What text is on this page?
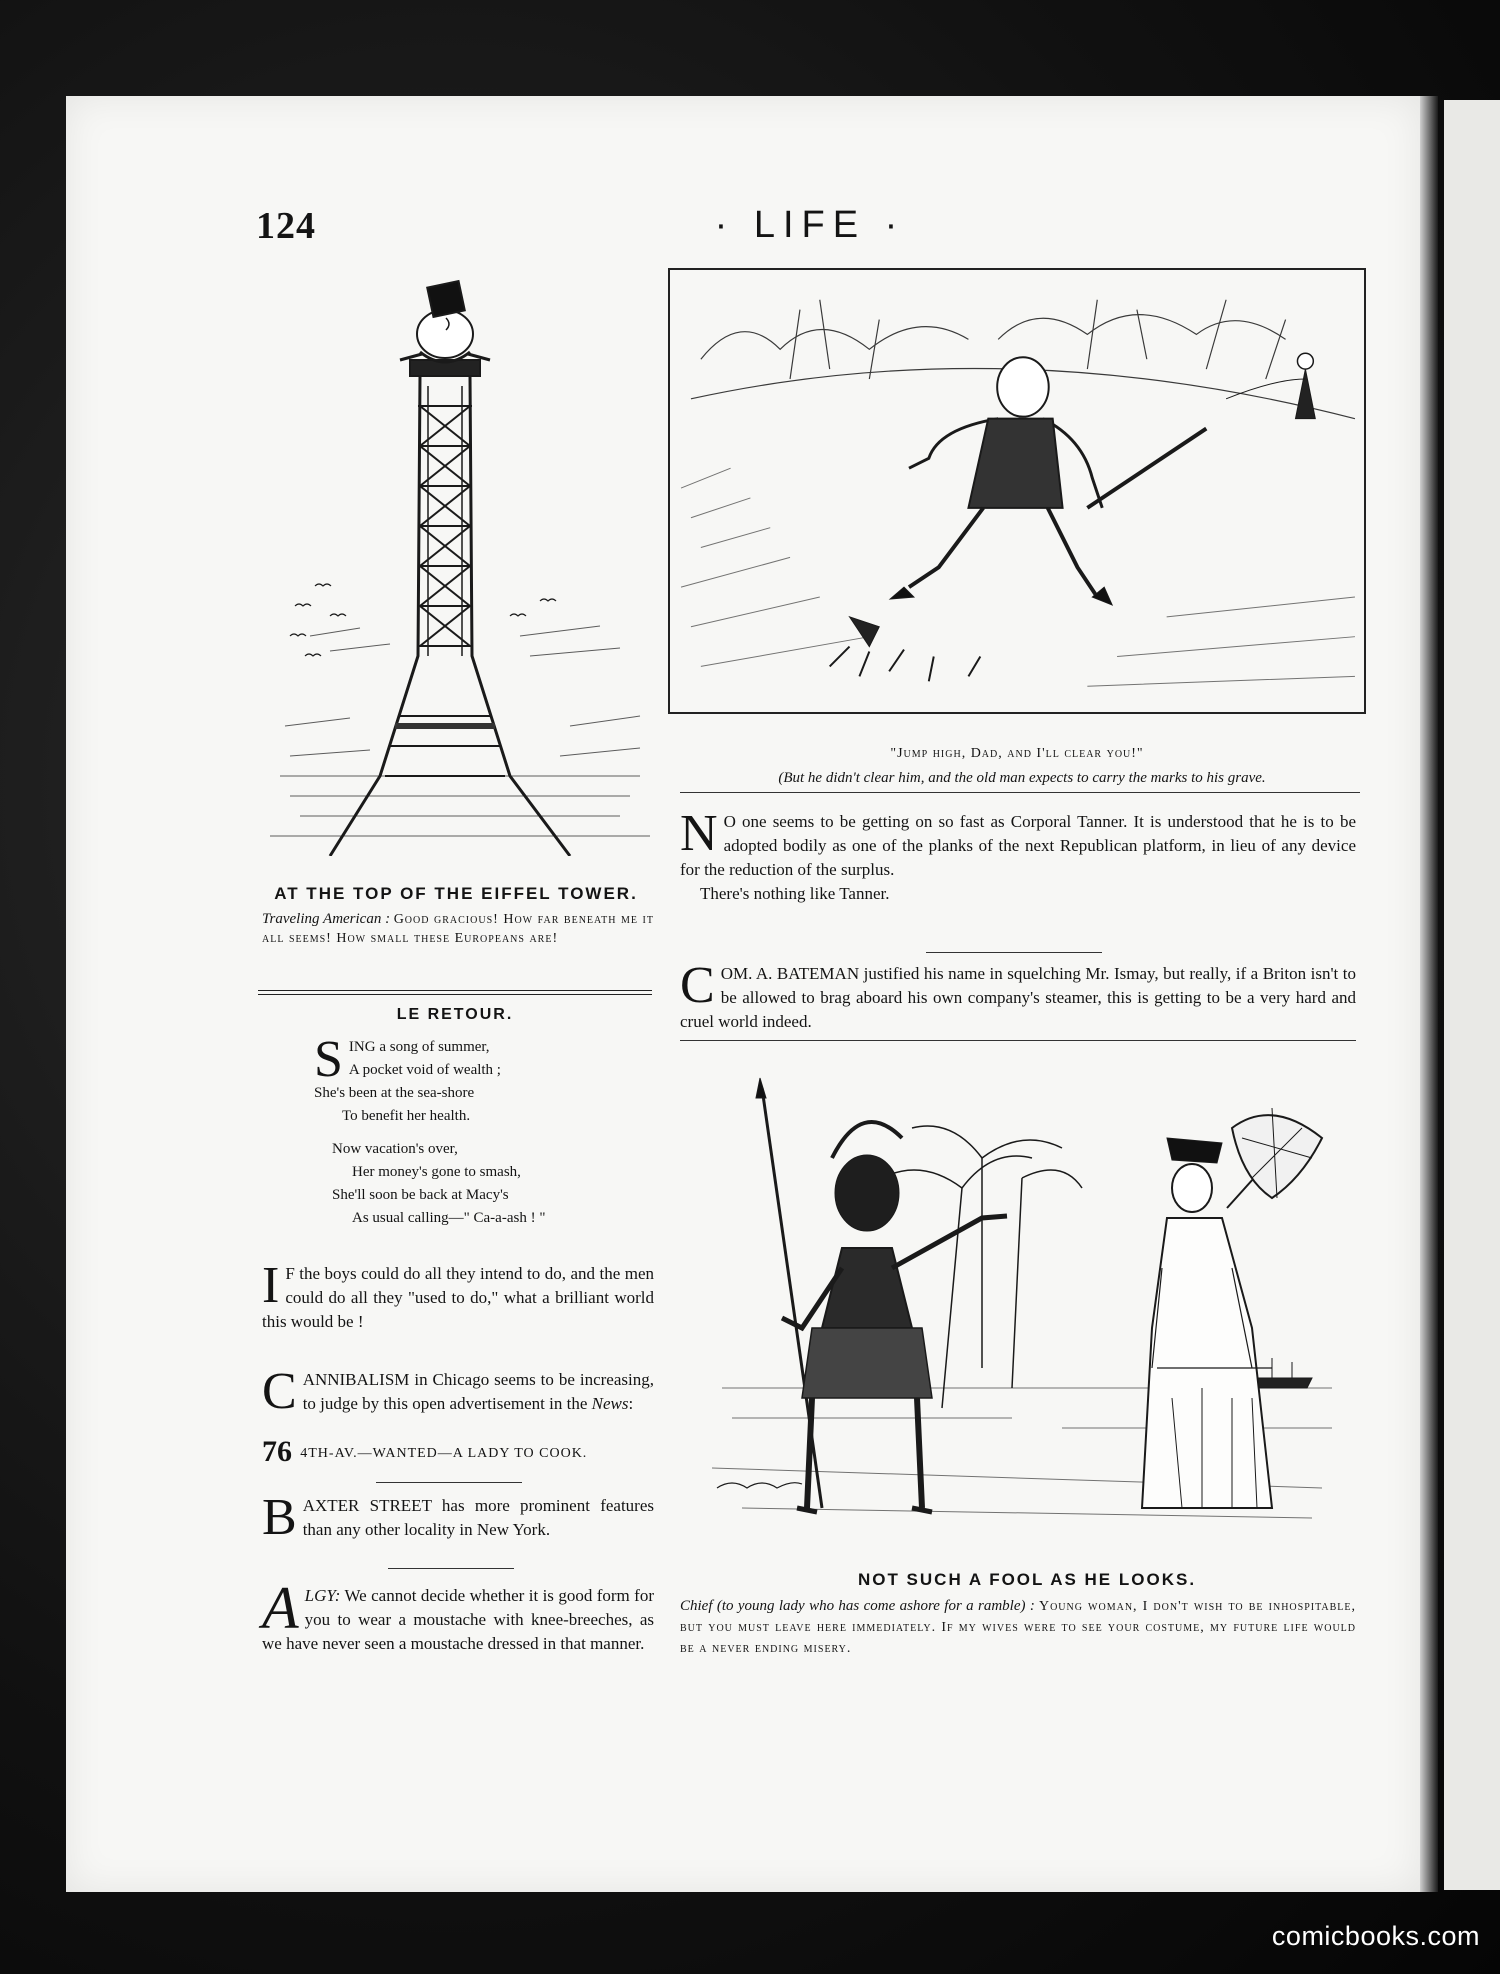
124	· LIFE ·
AT THE TOP OF THE EIFFEL TOWER.
Traveling American : Good gracious! How far beneath me it all seems! How small these Europeans are!
LE RETOUR.
S ING a song of summer,
A pocket void of wealth ;
She's been at the sea-shore
To benefit her health.
Now vacation's over,
Her money's gone to smash,
She'll soon be back at Macy's
As usual calling—" Ca-a-ash ! "
I F the boys could do all they intend to do, and the men could do all they "used to do," what a brilliant world this would be !
C ANNIBALISM in Chicago seems to be increasing, to judge by this open advertisement in the News:
76 4TH-AV.—WANTED—A LADY TO COOK.
B AXTER STREET has more prominent features than any other locality in New York.
A LGY: We cannot decide whether it is good form for you to wear a moustache with knee-breeches, as we have never seen a moustache dressed in that manner.
"Jump high, Dad, and I'll clear you!"
(But he didn't clear him, and the old man expects to carry the marks to his grave.
N O one seems to be getting on so fast as Corporal Tanner. It is understood that he is to be adopted bodily as one of the planks of the next Republican platform, in lieu of any device for the reduction of the surplus.
There's nothing like Tanner.
C OM. A. BATEMAN justified his name in squelching Mr. Ismay, but really, if a Briton isn't to be allowed to brag aboard his own company's steamer, this is getting to be a very hard and cruel world indeed.
NOT SUCH A FOOL AS HE LOOKS.
Chief (to young lady who has come ashore for a ramble) : Young woman, I don't wish to be inhospitable, but you must leave here immediately. If my wives were to see your costume, my future life would be a never ending misery.
comicbooks.com
